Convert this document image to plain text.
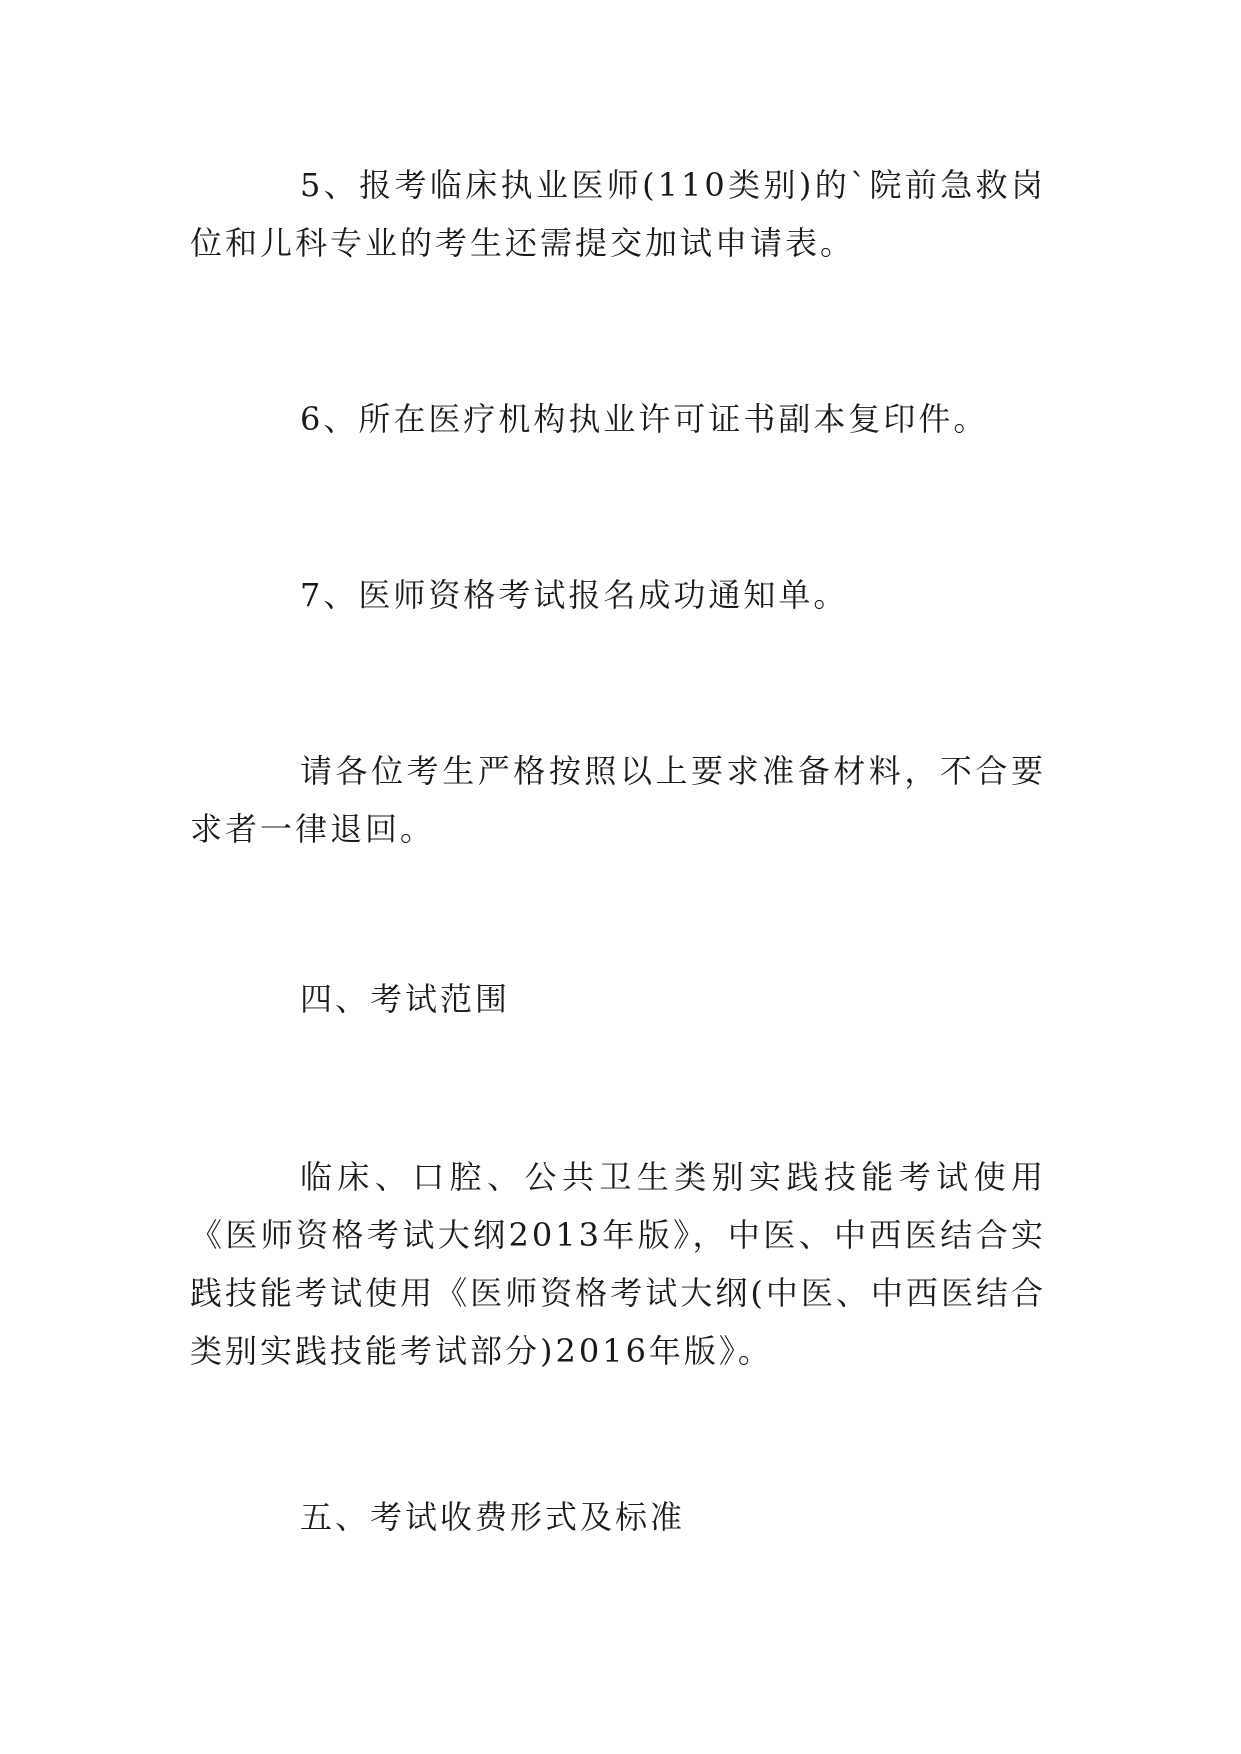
5、报考临床执业医师(110类别)的`院前急救岗位和儿科专业的考生还需提交加试申请表。

6、所在医疗机构执业许可证书副本复印件。

7、医师资格考试报名成功通知单。

请各位考生严格按照以上要求准备材料，不合要求者一律退回。

四、考试范围

临床、口腔、公共卫生类别实践技能考试使用《医师资格考试大纲2013年版》，中医、中西医结合实践技能考试使用《医师资格考试大纲(中医、中西医结合类别实践技能考试部分)2016年版》。

五、考试收费形式及标准
